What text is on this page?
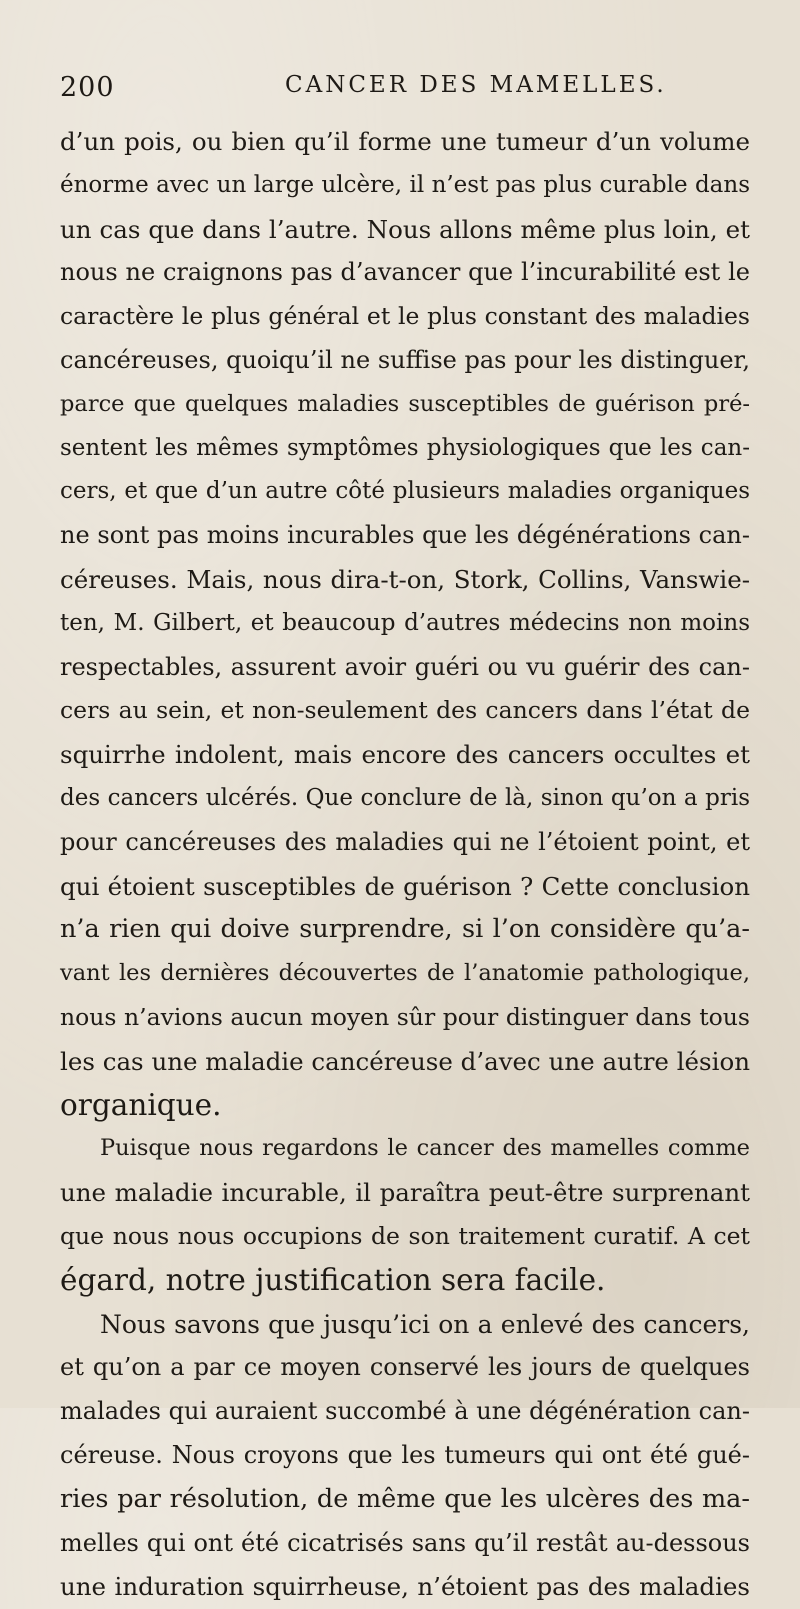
200	CANCER DES MAMELLES.
d’un pois, ou bien qu’il forme une tumeur d’un volume
énorme avec un large ulcère, il n’est pas plus curable dans
un cas que dans l’autre. Nous allons même plus loin, et
nous ne craignons pas d’avancer que l’incurabilité est le
caractère le plus général et le plus constant des maladies
cancéreuses, quoiqu’il ne suffise pas pour les distinguer,
parce que quelques maladies susceptibles de guérison pré-
sentent les mêmes symptômes physiologiques que les can-
cers, et que d’un autre côté plusieurs maladies organiques
ne sont pas moins incurables que les dégénérations can-
céreuses. Mais, nous dira-t-on, Stork, Collins, Vanswie-
ten, M. Gilbert, et beaucoup d’autres médecins non moins
respectables, assurent avoir guéri ou vu guérir des can-
cers au sein, et non-seulement des cancers dans l’état de
squirrhe indolent, mais encore des cancers occultes et
des cancers ulcérés. Que conclure de là, sinon qu’on a pris
pour cancéreuses des maladies qui ne l’étoient point, et
qui étoient susceptibles de guérison ? Cette conclusion
n’a rien qui doive surprendre, si l’on considère qu’a-
vant les dernières découvertes de l’anatomie pathologique,
nous n’avions aucun moyen sûr pour distinguer dans tous
les cas une maladie cancéreuse d’avec une autre lésion
organique.
Puisque nous regardons le cancer des mamelles comme
une maladie incurable, il paraîtra peut-être surprenant
que nous nous occupions de son traitement curatif. A cet
égard, notre justification sera facile.
Nous savons que jusqu’ici on a enlevé des cancers,
et qu’on a par ce moyen conservé les jours de quelques
malades qui auraient succombé à une dégénération can-
céreuse. Nous croyons que les tumeurs qui ont été gué-
ries par résolution, de même que les ulcères des ma-
melles qui ont été cicatrisés sans qu’il restât au-dessous
une induration squirrheuse, n’étoient pas des maladies
